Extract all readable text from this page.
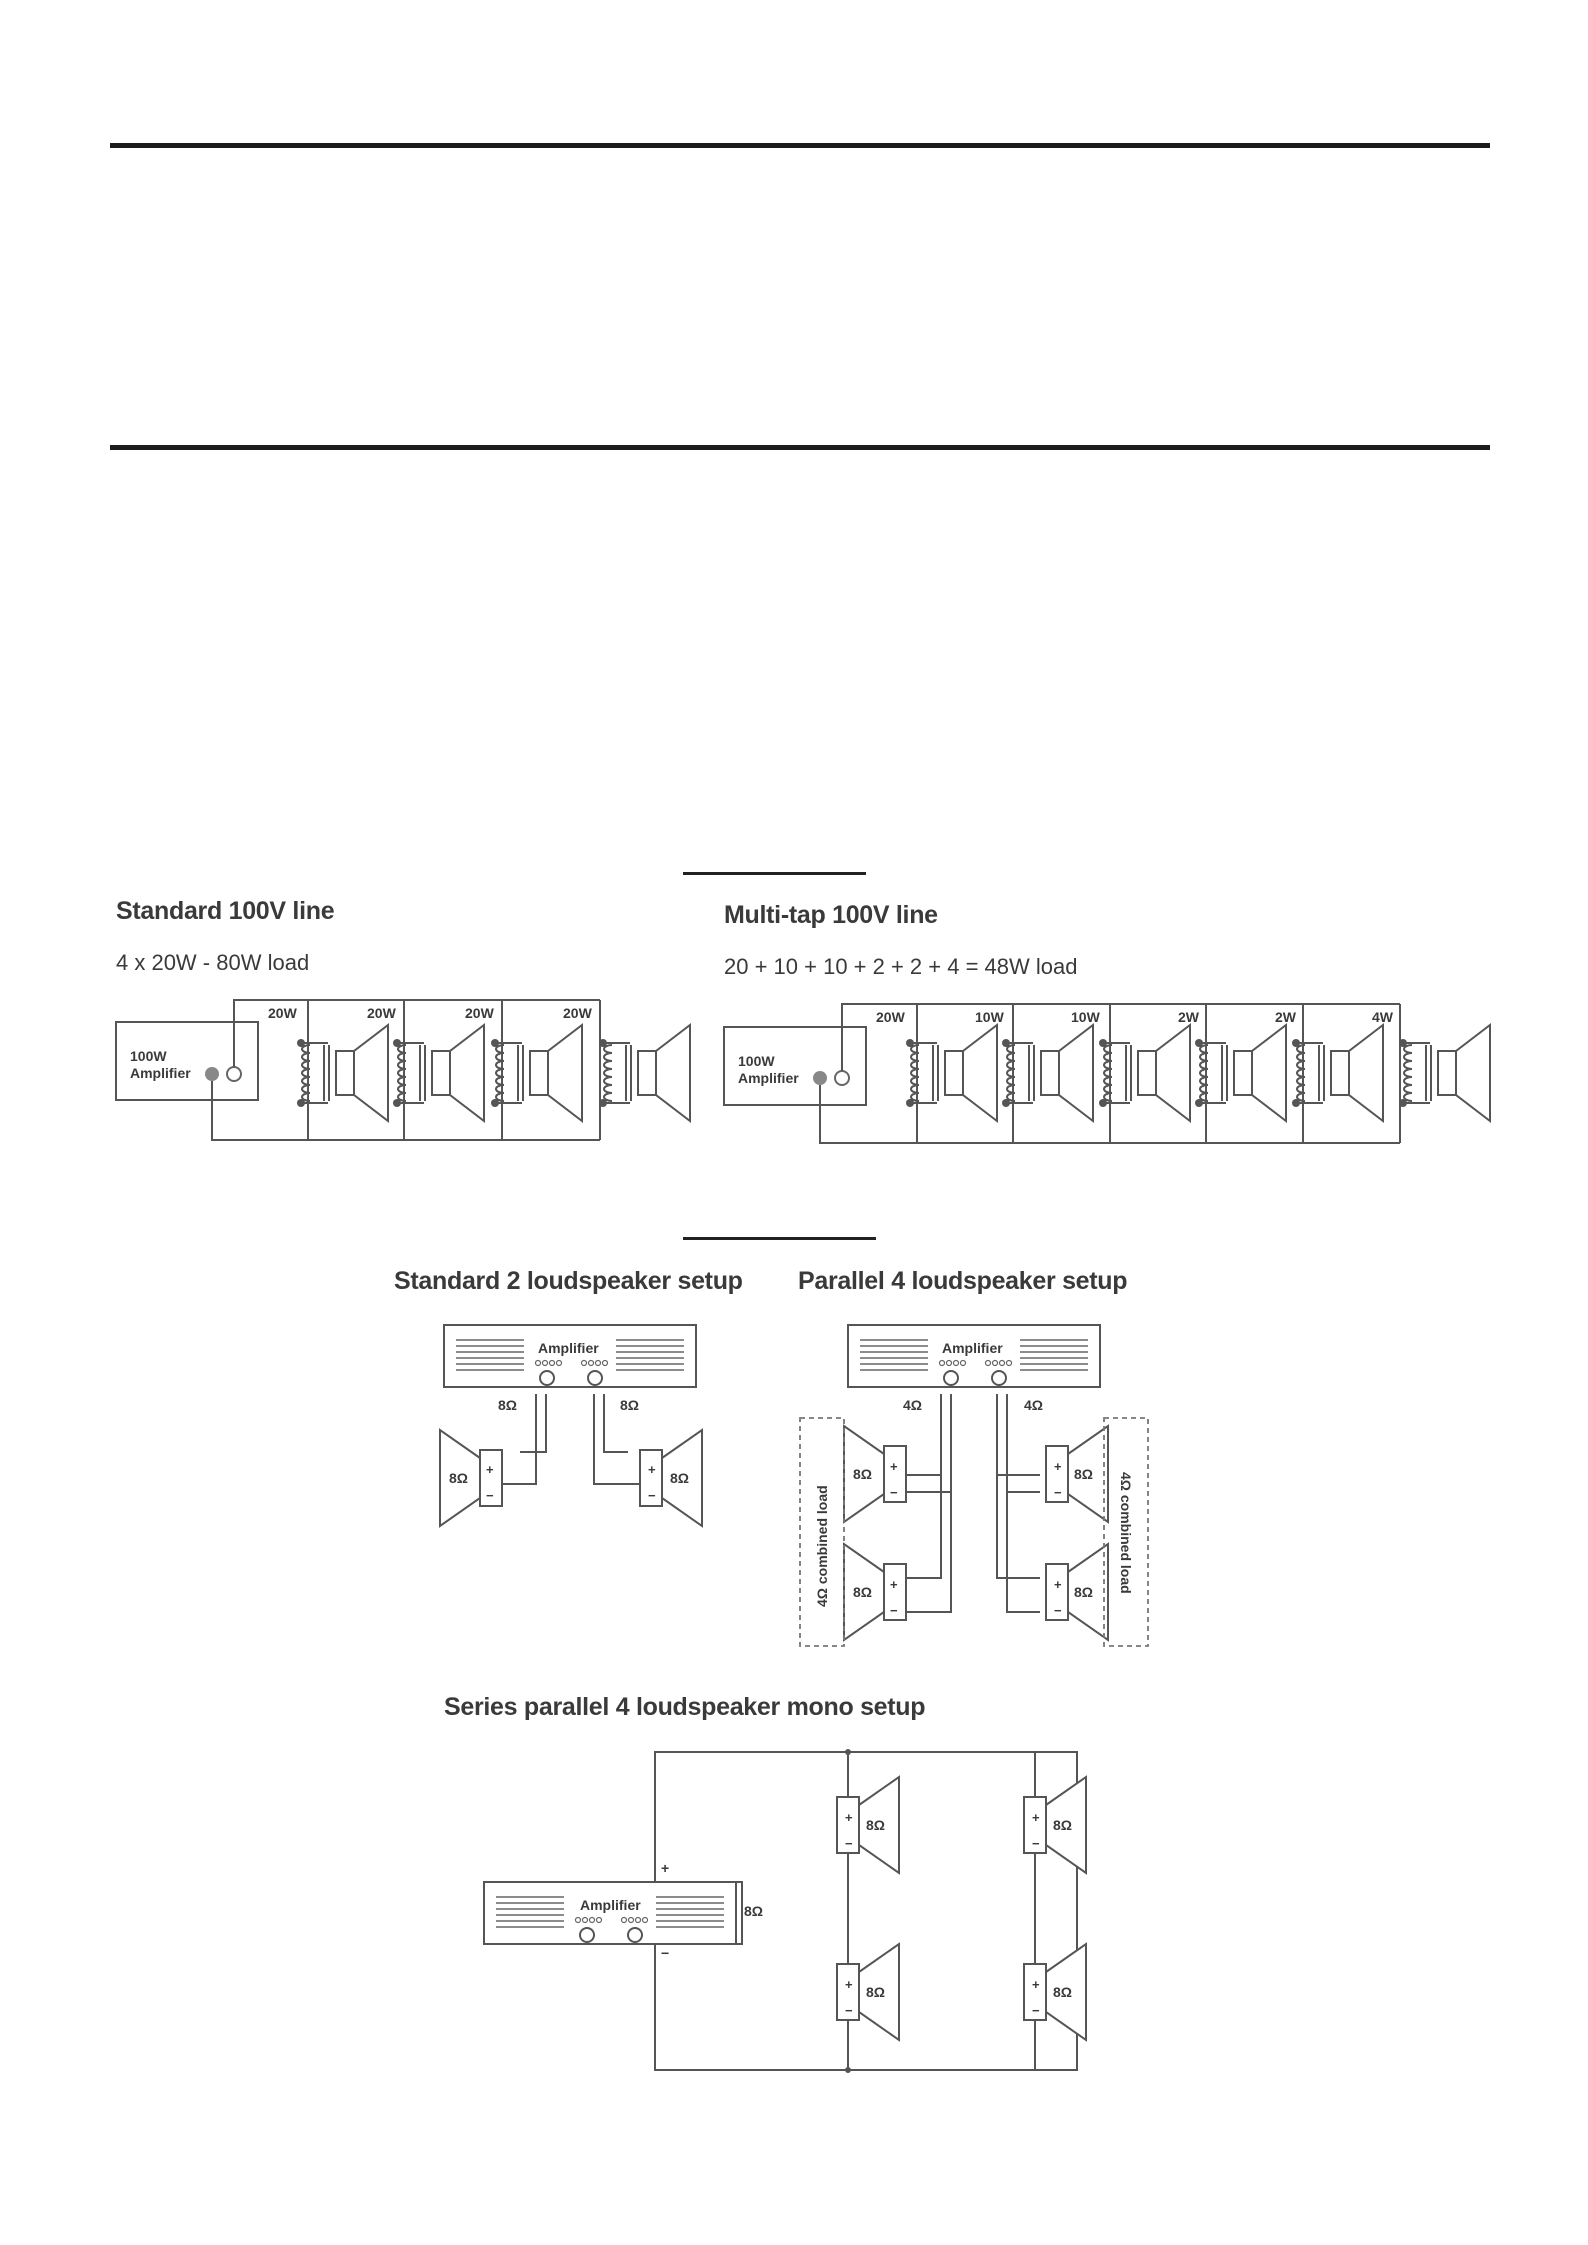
Standard 100V line
4 x 20W - 80W load
Multi-tap 100V line
20 + 10 + 10 + 2 + 2 + 4 = 48W load
Standard 2 loudspeaker setup Parallel 4 loudspeaker setup
Series parallel 4 loudspeaker mono setup
100W
Amplifier
20W	20W	20W	20W
100W
Amplifier
20W	10W	10W	2W	2W	4W
Amplifier
8Ω	8Ω
+
−
8Ω
+
−
8Ω
Amplifier
4Ω	4Ω
+
−
+
−
+
−
+
−
8Ω
8Ω
8Ω
8Ω
4Ω combined load	4Ω combined load
Amplifier	8Ω
+
−
+
−
+
−
+
−
+
−
8Ω
8Ω
8Ω
8Ω
